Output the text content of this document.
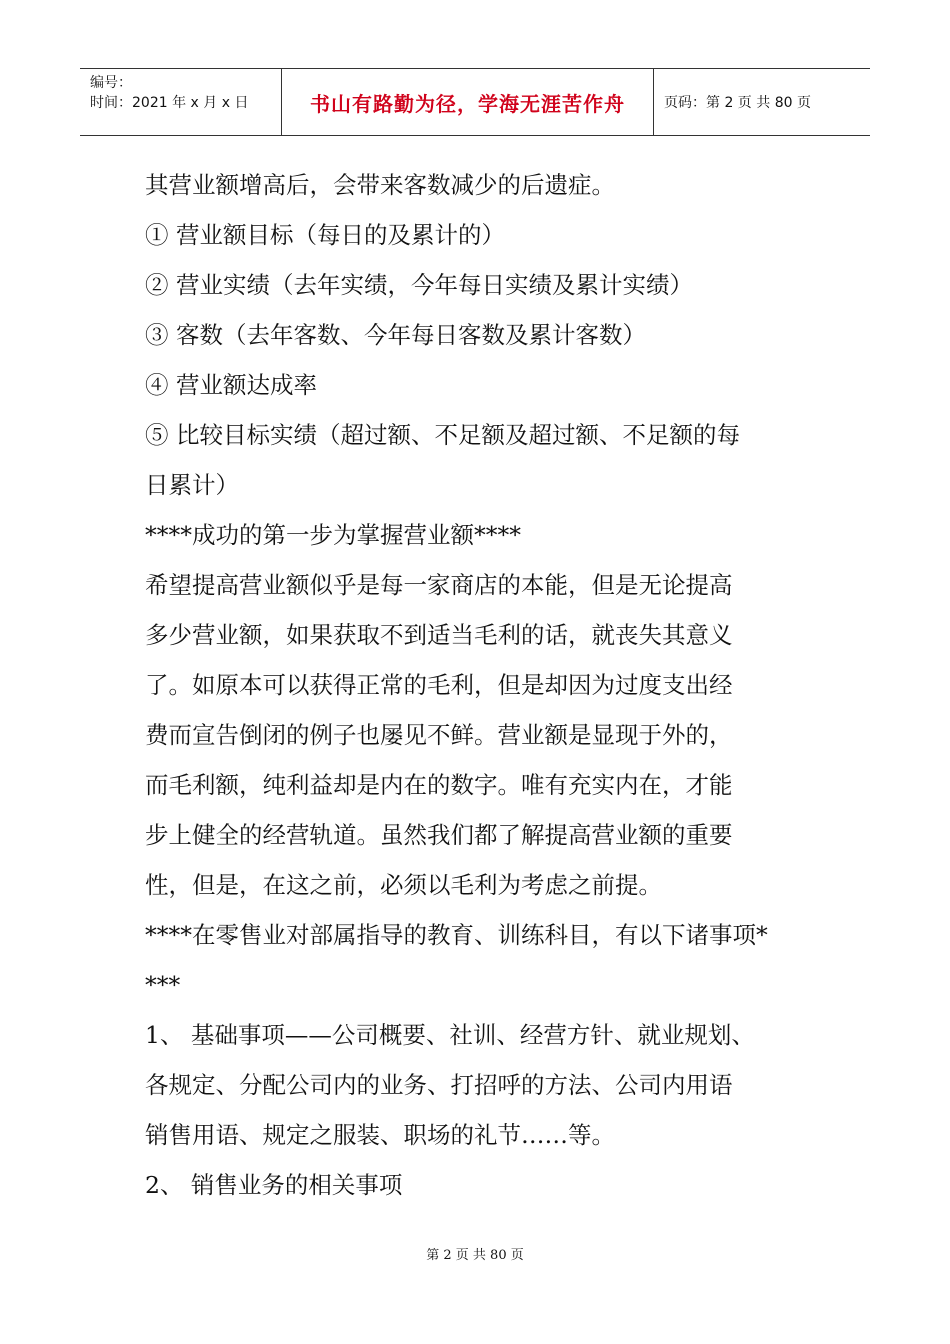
编号：
时间：2021 年 x 月 x 日	书山有路勤为径，学海无涯苦作舟	页码：第 2 页 共 80 页
其营业额增高后，会带来客数减少的后遗症。
① 营业额目标（每日的及累计的）
② 营业实绩（去年实绩，今年每日实绩及累计实绩）
③ 客数（去年客数、今年每日客数及累计客数）
④ 营业额达成率
⑤ 比较目标实绩（超过额、不足额及超过额、不足额的每
日累计）
****成功的第一步为掌握营业额****
希望提高营业额似乎是每一家商店的本能，但是无论提高
多少营业额，如果获取不到适当毛利的话，就丧失其意义
了。如原本可以获得正常的毛利，但是却因为过度支出经
费而宣告倒闭的例子也屡见不鲜。营业额是显现于外的，
而毛利额，纯利益却是内在的数字。唯有充实内在，才能
步上健全的经营轨道。虽然我们都了解提高营业额的重要
性，但是，在这之前，必须以毛利为考虑之前提。
****在零售业对部属指导的教育、训练科目，有以下诸事项*
***
1、 基础事项——公司概要、社训、经营方针、就业规划、
各规定、分配公司内的业务、打招呼的方法、公司内用语
销售用语、规定之服装、职场的礼节……等。
2、 销售业务的相关事项
第 2 页 共 80 页
